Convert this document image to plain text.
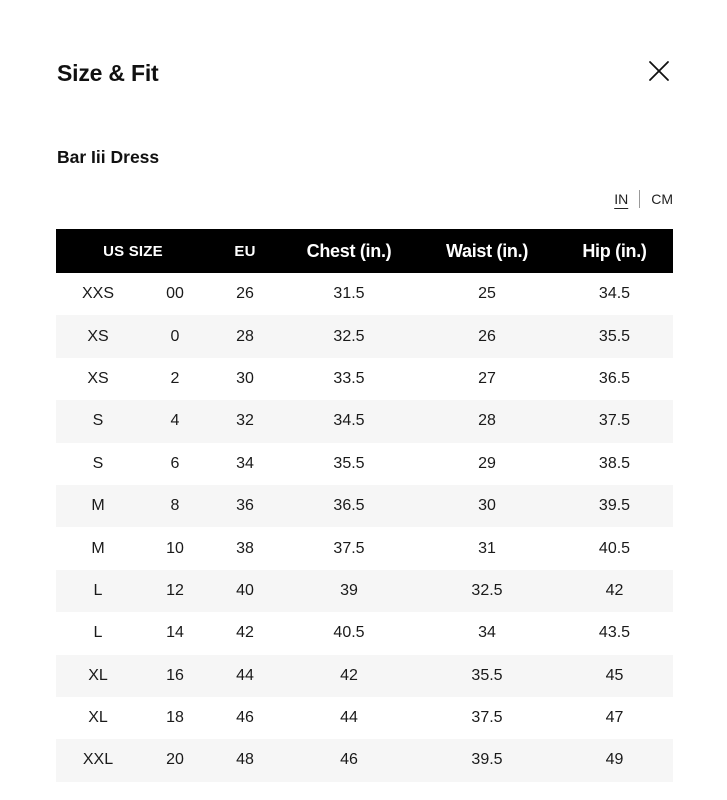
Size & Fit
Bar Iii Dress
IN CM
US SIZE		EU	Chest (in.)	Waist (in.)	Hip (in.)
XXS	00	26	31.5	25	34.5
XS	0	28	32.5	26	35.5
XS	2	30	33.5	27	36.5
S	4	32	34.5	28	37.5
S	6	34	35.5	29	38.5
M	8	36	36.5	30	39.5
M	10	38	37.5	31	40.5
L	12	40	39	32.5	42
L	14	42	40.5	34	43.5
XL	16	44	42	35.5	45
XL	18	46	44	37.5	47
XXL	20	48	46	39.5	49
